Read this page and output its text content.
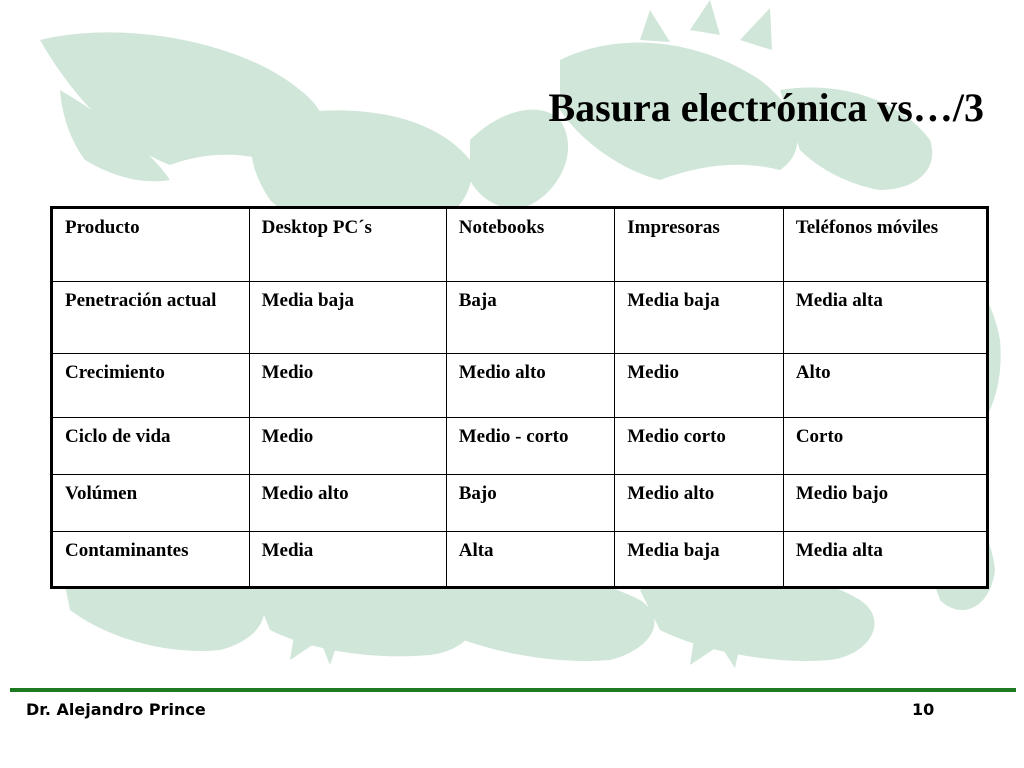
Basura electrónica vs…/3
Producto	Desktop PC´s	Notebooks	Impresoras	Teléfonos móviles
Penetración actual	Media baja	Baja	Media baja	Media alta
Crecimiento	Medio	Medio alto	Medio	Alto
Ciclo de vida	Medio	Medio - corto	Medio corto	Corto
Volúmen	Medio alto	Bajo	Medio alto	Medio bajo
Contaminantes	Media	Alta	Media baja	Media alta
Dr. Alejandro Prince	10
